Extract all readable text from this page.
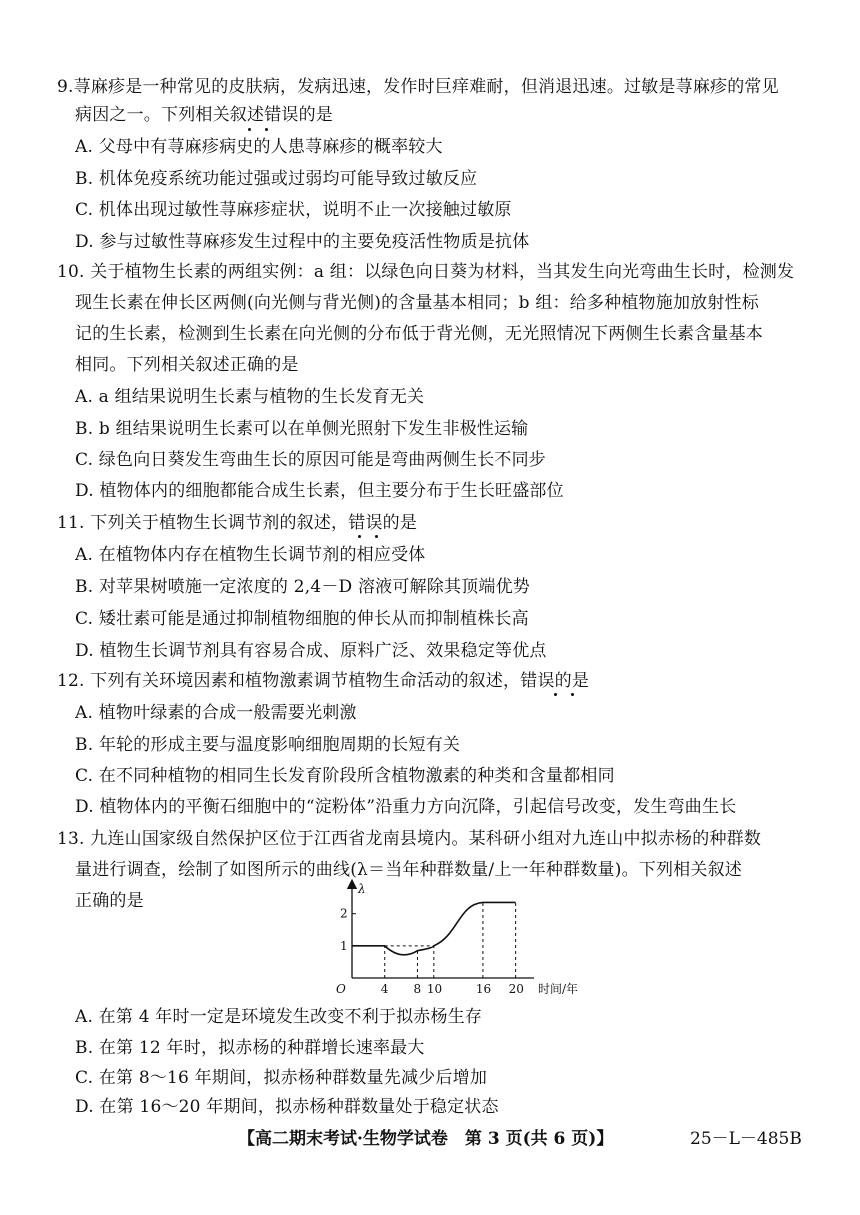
9.荨麻疹是一种常见的皮肤病，发病迅速，发作时巨痒难耐，但消退迅速。过敏是荨麻疹的常见
病因之一。下列相关叙述错误的是
A. 父母中有荨麻疹病史的人患荨麻疹的概率较大
B. 机体免疫系统功能过强或过弱均可能导致过敏反应
C. 机体出现过敏性荨麻疹症状，说明不止一次接触过敏原
D. 参与过敏性荨麻疹发生过程中的主要免疫活性物质是抗体
10. 关于植物生长素的两组实例：a 组：以绿色向日葵为材料，当其发生向光弯曲生长时，检测发
现生长素在伸长区两侧(向光侧与背光侧)的含量基本相同；b 组：给多种植物施加放射性标
记的生长素，检测到生长素在向光侧的分布低于背光侧，无光照情况下两侧生长素含量基本
相同。下列相关叙述正确的是
A. a 组结果说明生长素与植物的生长发育无关
B. b 组结果说明生长素可以在单侧光照射下发生非极性运输
C. 绿色向日葵发生弯曲生长的原因可能是弯曲两侧生长不同步
D. 植物体内的细胞都能合成生长素，但主要分布于生长旺盛部位
11. 下列关于植物生长调节剂的叙述，错误的是
A. 在植物体内存在植物生长调节剂的相应受体
B. 对苹果树喷施一定浓度的 2,4－D 溶液可解除其顶端优势
C. 矮壮素可能是通过抑制植物细胞的伸长从而抑制植株长高
D. 植物生长调节剂具有容易合成、原料广泛、效果稳定等优点
12. 下列有关环境因素和植物激素调节植物生命活动的叙述，错误的是
A. 植物叶绿素的合成一般需要光刺激
B. 年轮的形成主要与温度影响细胞周期的长短有关
C. 在不同种植物的相同生长发育阶段所含植物激素的种类和含量都相同
D. 植物体内的平衡石细胞中的“淀粉体”沿重力方向沉降，引起信号改变，发生弯曲生长
13. 九连山国家级自然保护区位于江西省龙南县境内。某科研小组对九连山中拟赤杨的种群数
量进行调查，绘制了如图所示的曲线(λ＝当年种群数量/上一年种群数量)。下列相关叙述
正确的是
λ
O	时间/年
1
2
4 8 10	16 20
A. 在第 4 年时一定是环境发生改变不利于拟赤杨生存
B. 在第 12 年时，拟赤杨的种群增长速率最大
C. 在第 8～16 年期间，拟赤杨种群数量先减少后增加
D. 在第 16～20 年期间，拟赤杨种群数量处于稳定状态
【高二期末考试·生物学试卷　第 3 页(共 6 页)】	25－L－485B
